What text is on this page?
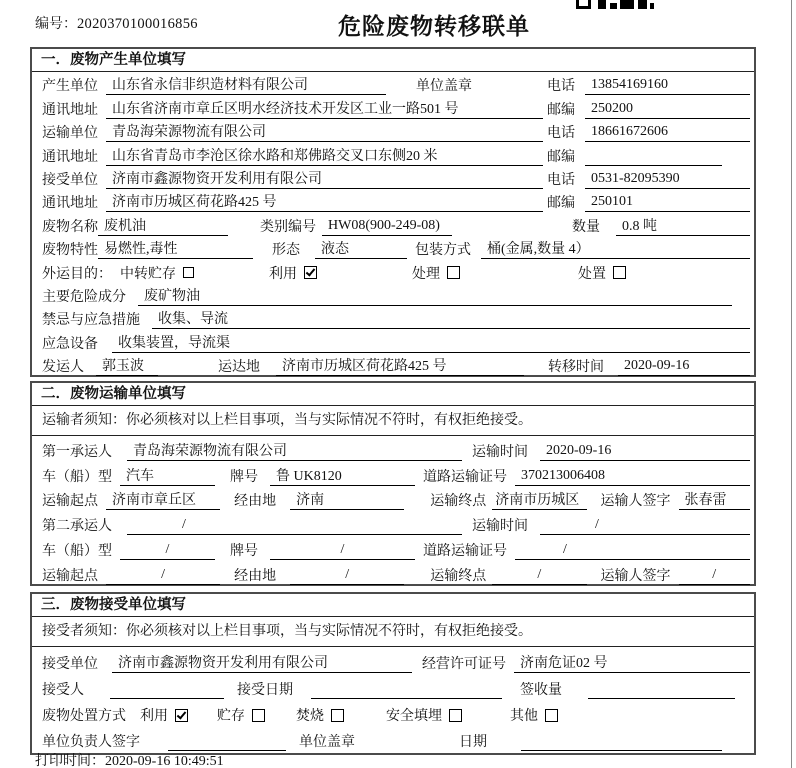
编号：2020370100016856	危险废物转移联单
一．废物产生单位填写
产生单位	山东省永信非织造材料有限公司	单位盖章	电话	13854169160
通讯地址	山东省济南市章丘区明水经济技术开发区工业一路501 号	邮编	250200
运输单位	青岛海荣源物流有限公司	电话	18661672606
通讯地址	山东省青岛市李沧区徐水路和郑佛路交叉口东侧20 米	邮编
接受单位	济南市鑫源物资开发利用有限公司	电话	0531-82095390
通讯地址	济南市历城区荷花路425 号	邮编	250101
废物名称 废机油	类别编号 HW08(900-249-08)	数量	0.8 吨
废物特性 易燃性,毒性	形态	液态	包装方式	桶(金属,数量 4）
外运目的： 中转贮存	利用	处理	处置
主要危险成分	废矿物油
禁忌与应急措施	收集、导流
应急设备	收集装置，导流渠
发运人	郭玉波	运达地	济南市历城区荷花路425 号	转移时间	2020-09-16
二．废物运输单位填写
运输者须知：你必须核对以上栏目事项，当与实际情况不符时，有权拒绝接受。
第一承运人	青岛海荣源物流有限公司	运输时间	2020-09-16
车（船）型	汽车	牌号	鲁 UK8120	道路运输证号	370213006408
运输起点	济南市章丘区	经由地	济南	运输终点 济南市历城区	运输人签字	张春雷
第二承运人	/	运输时间	/
车（船）型	/	牌号	/	道路运输证号	/
运输起点	/	经由地	/	运输终点	/	运输人签字	/
三．废物接受单位填写
接受者须知：你必须核对以上栏目事项，当与实际情况不符时，有权拒绝接受。
接受单位	济南市鑫源物资开发利用有限公司	经营许可证号	济南危证02 号
接受人	接受日期	签收量
废物处置方式 利用	贮存	焚烧	安全填埋	其他
单位负责人签字	单位盖章	日期
打印时间：2020-09-16 10:49:51
